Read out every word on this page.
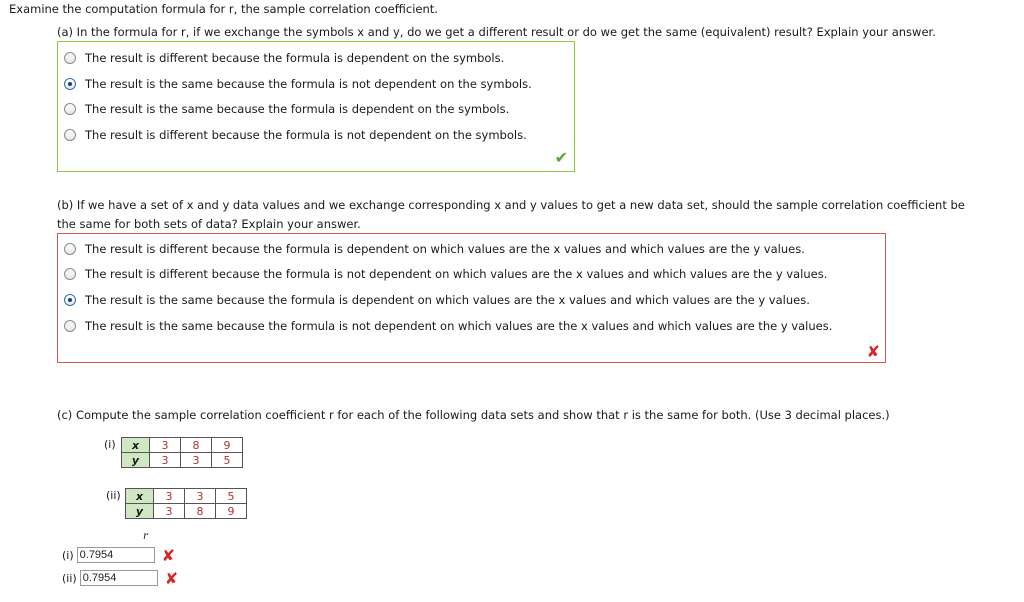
Examine the computation formula for r, the sample correlation coefficient.
(a) In the formula for r, if we exchange the symbols x and y, do we get a different result or do we get the same (equivalent) result? Explain your answer.
The result is different because the formula is dependent on the symbols.
The result is the same because the formula is not dependent on the symbols.
The result is the same because the formula is dependent on the symbols.
The result is different because the formula is not dependent on the symbols.
✔
(b) If we have a set of x and y data values and we exchange corresponding x and y values to get a new data set, should the sample correlation coefficient be
the same for both sets of data? Explain your answer.
The result is different because the formula is dependent on which values are the x values and which values are the y values.
The result is different because the formula is not dependent on which values are the x values and which values are the y values.
The result is the same because the formula is dependent on which values are the x values and which values are the y values.
The result is the same because the formula is not dependent on which values are the x values and which values are the y values.
✘
(c) Compute the sample correlation coefficient r for each of the following data sets and show that r is the same for both. (Use 3 decimal places.)
(i) x	3	8	9
y	3	3	5
(ii) x	3	3	5
y	3	8	9
r
(i) 0.7954	✘
(ii) 0.7954	✘
